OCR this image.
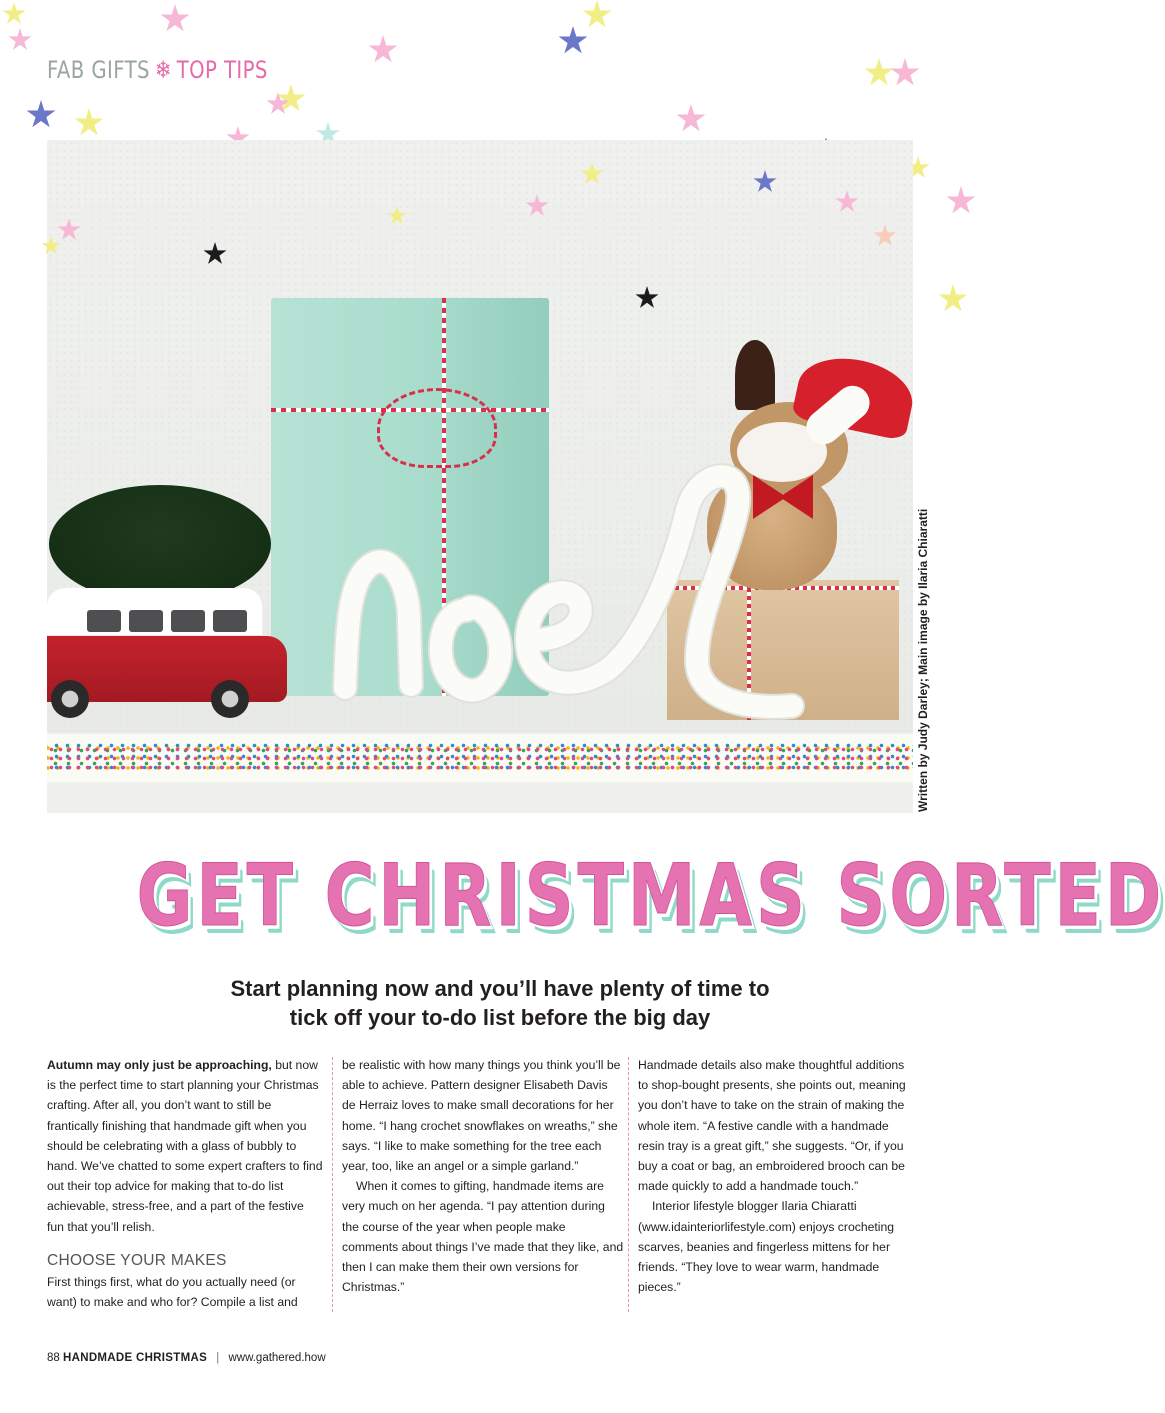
FAB GIFTS ❄ TOP TIPS
Written by Judy Darley; Main image by Ilaria Chiaratti
GET CHRISTMAS SORTED
Start planning now and you’ll have plenty of time to
tick off your to-do list before the big day

Autumn may only just be approaching, but now is the perfect time to start planning your Christmas crafting. After all, you don’t want to still be frantically finishing that handmade gift when you should be celebrating with a glass of bubbly to hand. We’ve chatted to some expert crafters to find out their top advice for making that to-do list achievable, stress-free, and a part of the festive fun that you’ll relish.

CHOOSE YOUR MAKES

First things first, what do you actually need (or want) to make and who for? Compile a list and

be realistic with how many things you think you’ll be able to achieve. Pattern designer Elisabeth Davis de Herraiz loves to make small decorations for her home. “I hang crochet snowflakes on wreaths,” she says. “I like to make something for the tree each year, too, like an angel or a simple garland.”

When it comes to gifting, handmade items are very much on her agenda. “I pay attention during the course of the year when people make comments about things I’ve made that they like, and then I can make them their own versions for Christmas.”

Handmade details also make thoughtful additions to shop-bought presents, she points out, meaning you don’t have to take on the strain of making the whole item. “A festive candle with a handmade resin tray is a great gift,” she suggests. “Or, if you buy a coat or bag, an embroidered brooch can be made quickly to add a handmade touch.”

Interior lifestyle blogger Ilaria Chiaratti (www.idainteriorlifestyle.com) enjoys crocheting scarves, beanies and fingerless mittens for her friends. “They love to wear warm, handmade pieces.”

88 HANDMADE CHRISTMAS | www.gathered.how
